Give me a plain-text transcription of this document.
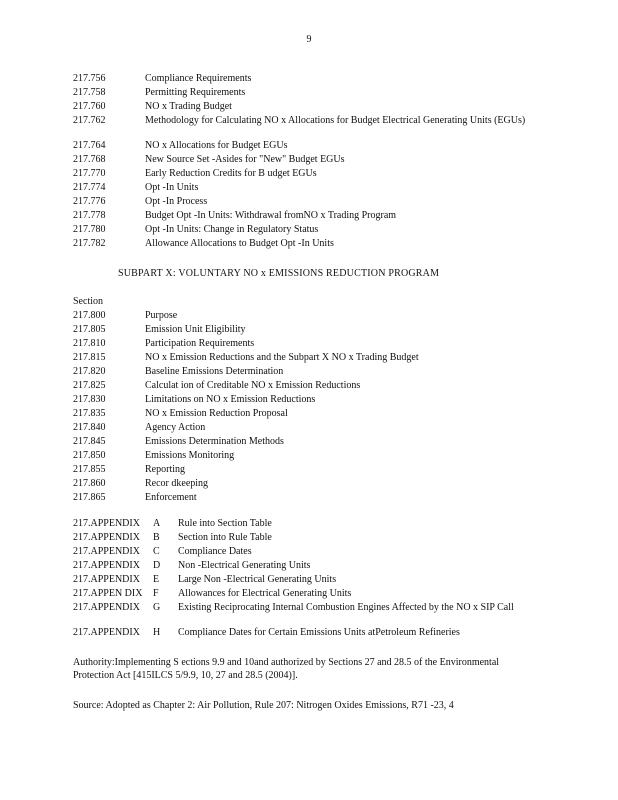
9
217.756	Compliance Requirements
217.758	Permitting Requirements
217.760	NO x Trading Budget
217.762	Methodology for Calculating NO x Allocations for Budget Electrical Generating Units (EGUs)
217.764	NO x Allocations for Budget EGUs
217.768	New Source Set -Asides for "New" Budget EGUs
217.770	Early Reduction Credits for B udget EGUs
217.774	Opt -In Units
217.776	Opt -In Process
217.778	Budget Opt -In Units: Withdrawal fromNO x Trading Program
217.780	Opt -In Units: Change in Regulatory Status
217.782	Allowance Allocations to Budget Opt -In Units
SUBPART X: VOLUNTARY NO x EMISSIONS REDUCTION PROGRAM
Section
217.800	Purpose
217.805	Emission Unit Eligibility
217.810	Participation Requirements
217.815	NO x Emission Reductions and the Subpart X NO x Trading Budget
217.820	Baseline Emissions Determination
217.825	Calculat ion of Creditable NO x Emission Reductions
217.830	Limitations on NO x Emission Reductions
217.835	NO x Emission Reduction Proposal
217.840	Agency Action
217.845	Emissions Determination Methods
217.850	Emissions Monitoring
217.855	Reporting
217.860	Recor dkeeping
217.865	Enforcement
217.APPENDIX A Rule into Section Table
217.APPENDIX B Section into Rule Table
217.APPENDIX C Compliance Dates
217.APPENDIX D Non -Electrical Generating Units
217.APPENDIX E Large Non -Electrical Generating Units
217.APPEN DIX F Allowances for Electrical Generating Units
217.APPENDIX G Existing Reciprocating Internal Combustion Engines Affected by the NO x SIP Call
217.APPENDIX H Compliance Dates for Certain Emissions Units atPetroleum Refineries
Authority:Implementing S ections 9.9 and 10and authorized by Sections 27 and 28.5 of the Environmental Protection Act [415ILCS 5/9.9, 10, 27 and 28.5 (2004)].
Source: Adopted as Chapter 2: Air Pollution, Rule 207: Nitrogen Oxides Emissions, R71 -23, 4
